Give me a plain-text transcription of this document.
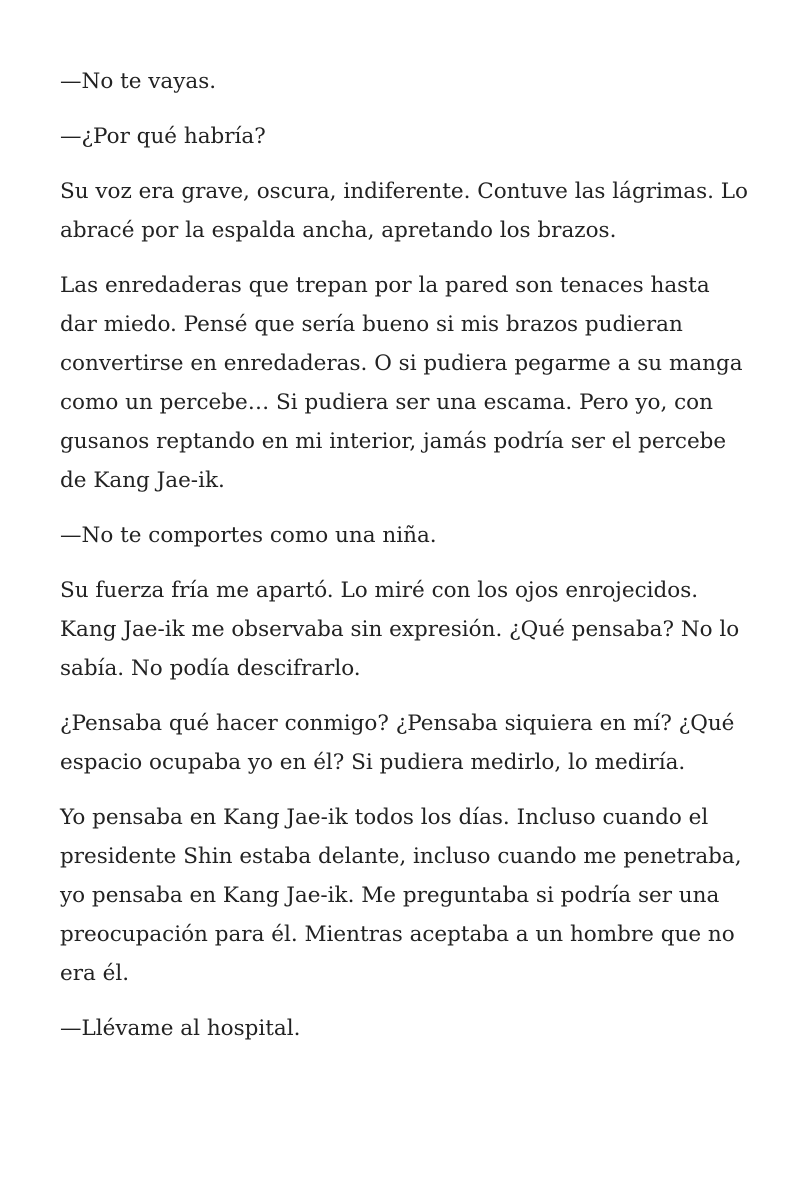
—No te vayas.

—¿Por qué habría?

Su voz era grave, oscura, indiferente. Contuve las lágrimas. Lo abracé por la espalda ancha, apretando los brazos.

Las enredaderas que trepan por la pared son tenaces hasta dar miedo. Pensé que sería bueno si mis brazos pudieran convertirse en enredaderas. O si pudiera pegarme a su manga como un percebe… Si pudiera ser una escama. Pero yo, con gusanos reptando en mi interior, jamás podría ser el percebe de Kang Jae-ik.

—No te comportes como una niña.

Su fuerza fría me apartó. Lo miré con los ojos enrojecidos. Kang Jae-ik me observaba sin expresión. ¿Qué pensaba? No lo sabía. No podía descifrarlo.

¿Pensaba qué hacer conmigo? ¿Pensaba siquiera en mí? ¿Qué espacio ocupaba yo en él? Si pudiera medirlo, lo mediría.

Yo pensaba en Kang Jae-ik todos los días. Incluso cuando el presidente Shin estaba delante, incluso cuando me penetraba, yo pensaba en Kang Jae-ik. Me preguntaba si podría ser una preocupación para él. Mientras aceptaba a un hombre que no era él.

—Llévame al hospital.
